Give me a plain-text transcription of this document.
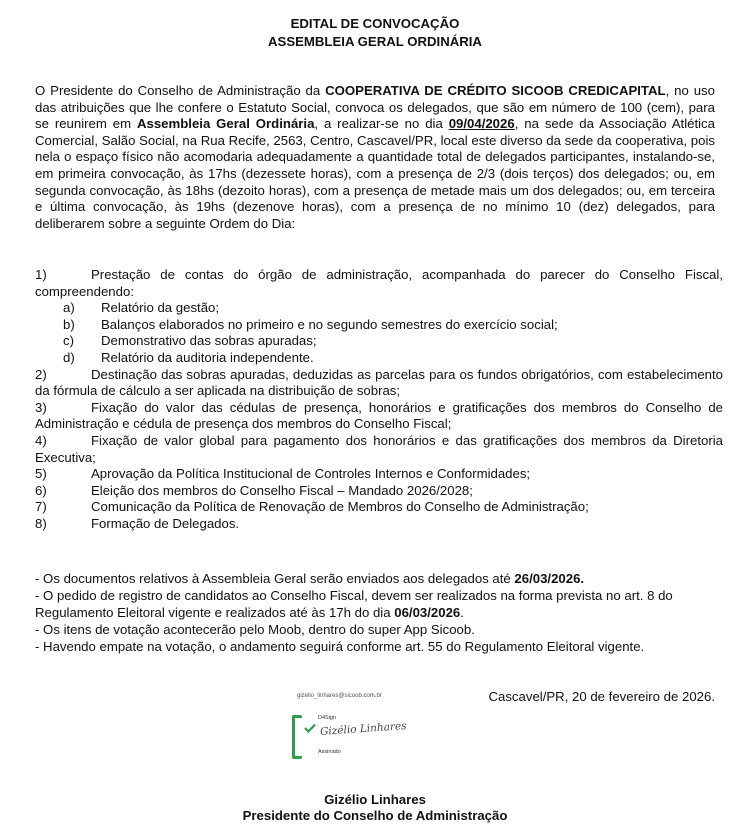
EDITAL DE CONVOCAÇÃO
ASSEMBLEIA GERAL ORDINÁRIA
O Presidente do Conselho de Administração da COOPERATIVA DE CRÉDITO SICOOB CREDICAPITAL, no uso das atribuições que lhe confere o Estatuto Social, convoca os delegados, que são em número de 100 (cem), para se reunirem em Assembleia Geral Ordinária, a realizar-se no dia 09/04/2026, na sede da Associação Atlética Comercial, Salão Social, na Rua Recife, 2563, Centro, Cascavel/PR, local este diverso da sede da cooperativa, pois nela o espaço físico não acomodaria adequadamente a quantidade total de delegados participantes, instalando-se, em primeira convocação, às 17hs (dezessete horas), com a presença de 2/3 (dois terços) dos delegados; ou, em segunda convocação, às 18hs (dezoito horas), com a presença de metade mais um dos delegados; ou, em terceira e última convocação, às 19hs (dezenove horas), com a presença de no mínimo 10 (dez) delegados, para deliberarem sobre a seguinte Ordem do Dia:
1)	Prestação de contas do órgão de administração, acompanhada do parecer do Conselho Fiscal, compreendendo:
a) Relatório da gestão;
b) Balanços elaborados no primeiro e no segundo semestres do exercício social;
c) Demonstrativo das sobras apuradas;
d) Relatório da auditoria independente.
2)	Destinação das sobras apuradas, deduzidas as parcelas para os fundos obrigatórios, com estabelecimento da fórmula de cálculo a ser aplicada na distribuição de sobras;
3)	Fixação do valor das cédulas de presença, honorários e gratificações dos membros do Conselho de Administração e cédula de presença dos membros do Conselho Fiscal;
4)	Fixação de valor global para pagamento dos honorários e das gratificações dos membros da Diretoria Executiva;
5)	Aprovação da Política Institucional de Controles Internos e Conformidades;
6)	Eleição dos membros do Conselho Fiscal – Mandado 2026/2028;
7)	Comunicação da Política de Renovação de Membros do Conselho de Administração;
8)	Formação de Delegados.
- Os documentos relativos à Assembleia Geral serão enviados aos delegados até 26/03/2026.
- O pedido de registro de candidatos ao Conselho Fiscal, devem ser realizados na forma prevista no art. 8 do Regulamento Eleitoral vigente e realizados até às 17h do dia 06/03/2026.
- Os itens de votação acontecerão pelo Moob, dentro do super App Sicoob.
- Havendo empate na votação, o andamento seguirá conforme art. 55 do Regulamento Eleitoral vigente.
Cascavel/PR, 20 de fevereiro de 2026.
gizelio_linhares@sicoob.com.br
D4Sign
Gizélio Linhares
Assinado
Gizélio Linhares
Presidente do Conselho de Administração
